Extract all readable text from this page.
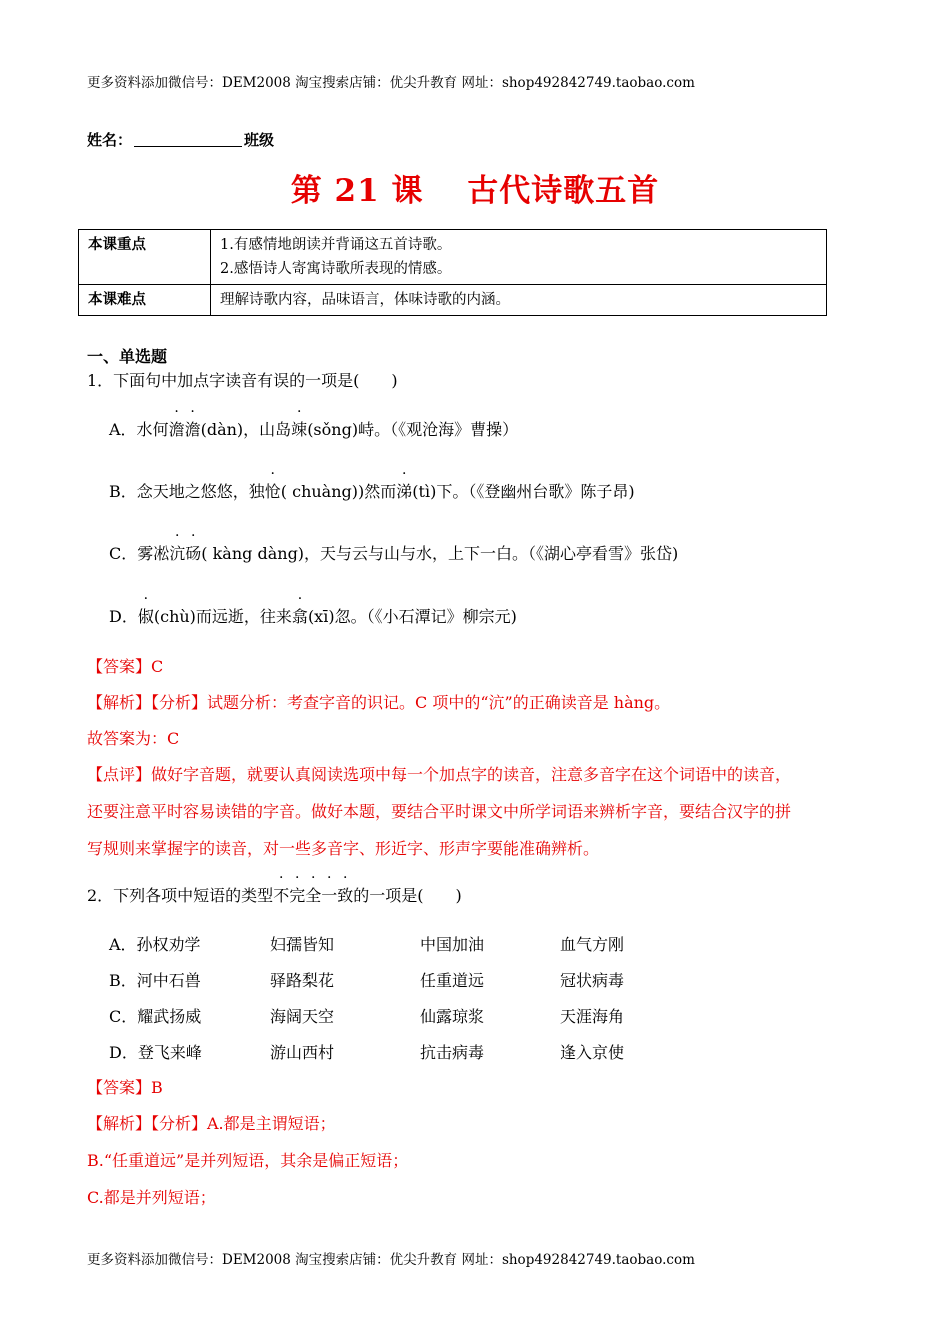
更多资料添加微信号：DEM2008 淘宝搜索店铺：优尖升教育 网址：shop492842749.taobao.com
姓名：	班级
第 21 课　 古代诗歌五首
本课重点	1.有感情地朗读并背诵这五首诗歌。
2.感悟诗人寄寓诗歌所表现的情感。

本课难点	理解诗歌内容，品味语言，体味诗歌的内涵。
一、单选题
1．下面句中加点字读音有误的一项是(　　)
A．水何澹澹(dàn)，山岛竦(sǒng)峙。（《观沧海》曹操）
B．念天地之悠悠，独怆( chuàng))然而涕(tì)下。（《登幽州台歌》陈子昂)
C．雾凇沆砀( kàng dàng)，天与云与山与水，上下一白。（《湖心亭看雪》张岱)
D．俶(chù)而远逝，往来翕(xī)忽。（《小石潭记》柳宗元)
【答案】C
【解析】【分析】试题分析：考查字音的识记。C 项中的“沆”的正确读音是 hàng。
故答案为：C
【点评】做好字音题，就要认真阅读选项中每一个加点字的读音，注意多音字在这个词语中的读音，
还要注意平时容易读错的字音。做好本题，要结合平时课文中所学词语来辨析字音，要结合汉字的拼
写规则来掌握字的读音，对一些多音字、形近字、形声字要能准确辨析。
2．下列各项中短语的类型不完全一致的一项是(　　)
A．孙权劝学	妇孺皆知	中国加油	血气方刚
B．河中石兽	驿路梨花	任重道远	冠状病毒
C．耀武扬威	海阔天空	仙露琼浆	天涯海角
D．登飞来峰	游山西村	抗击病毒	逢入京使
【答案】B
【解析】【分析】A.都是主谓短语；
B.“任重道远”是并列短语，其余是偏正短语；
C.都是并列短语；
更多资料添加微信号：DEM2008 淘宝搜索店铺：优尖升教育 网址：shop492842749.taobao.com
